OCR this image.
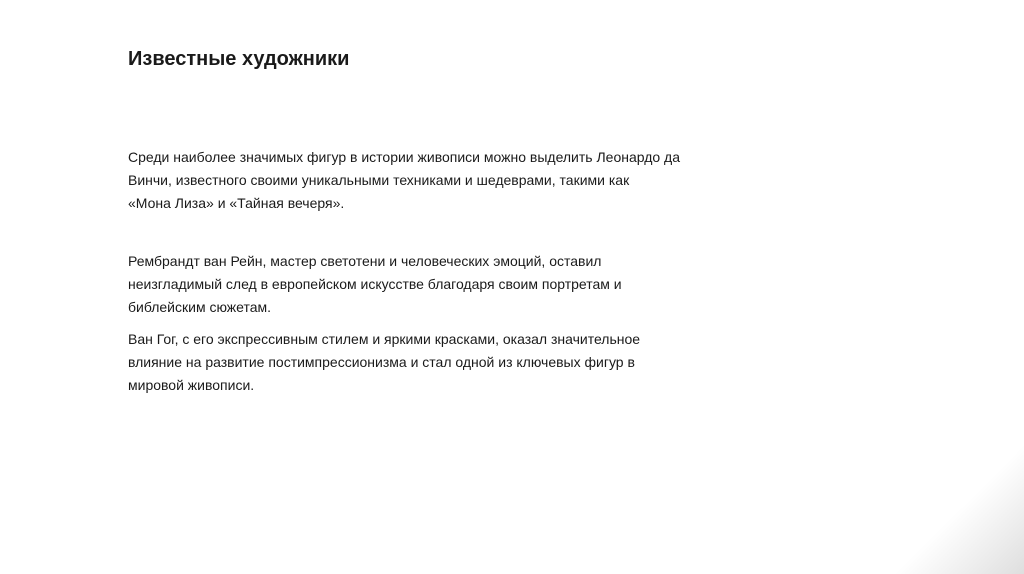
Известные художники

Среди наиболее значимых фигур в истории живописи можно выделить Леонардо да
Винчи, известного своими уникальными техниками и шедеврами, такими как
«Мона Лиза» и «Тайная вечеря».

Рембрандт ван Рейн, мастер светотени и человеческих эмоций, оставил
неизгладимый след в европейском искусстве благодаря своим портретам и
библейским сюжетам.

Ван Гог, с его экспрессивным стилем и яркими красками, оказал значительное
влияние на развитие постимпрессионизма и стал одной из ключевых фигур в
мировой живописи.
